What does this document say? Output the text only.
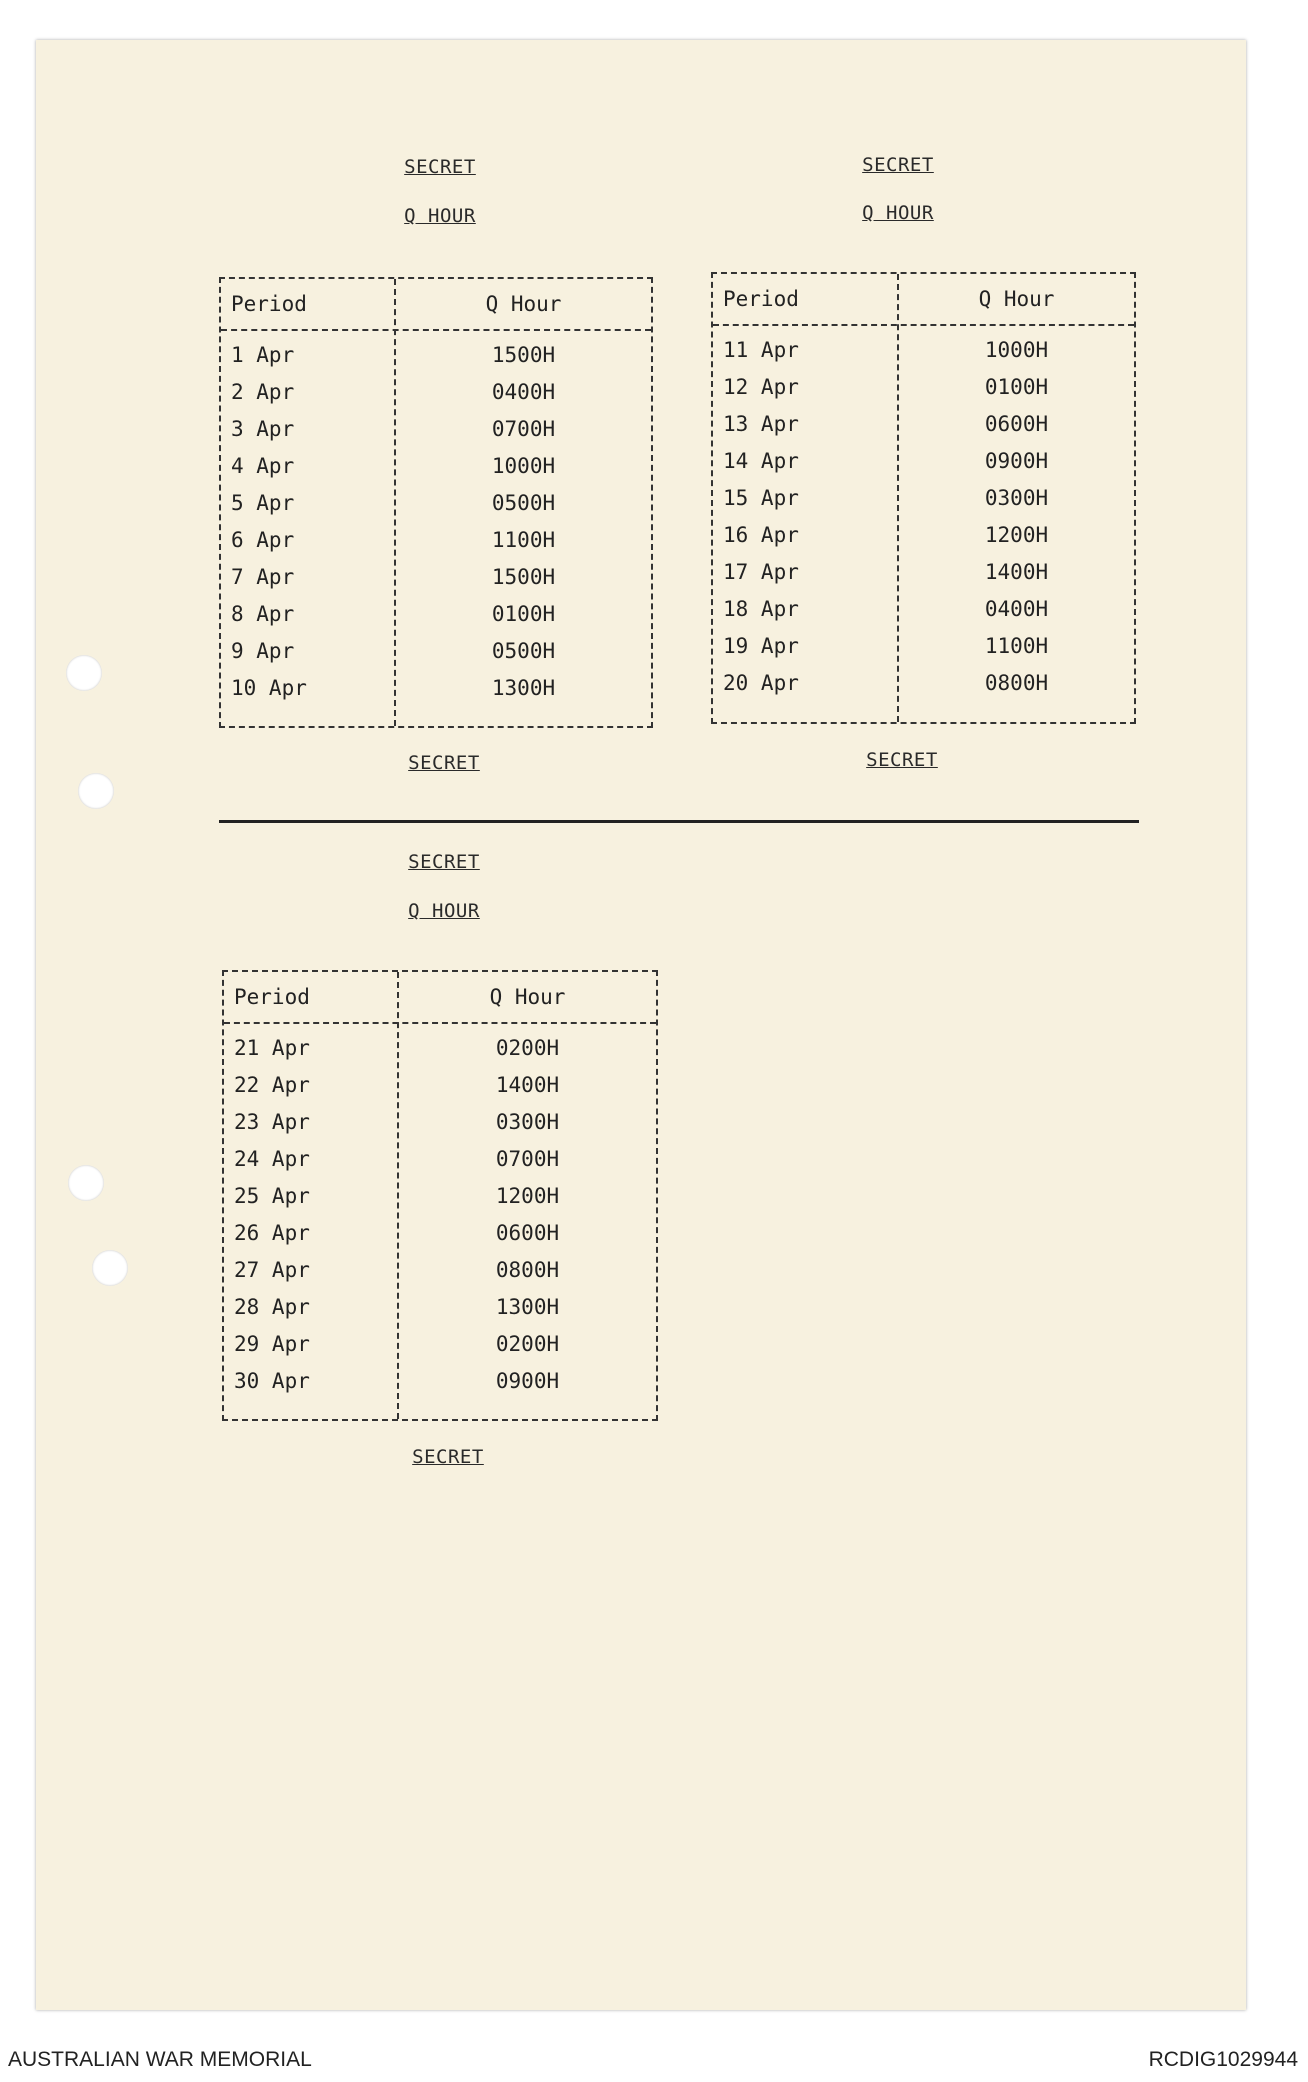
SECRET
Q HOUR
SECRET
Q HOUR
Period	Q Hour
1 Apr	1500H
2 Apr	0400H
3 Apr	0700H
4 Apr	1000H
5 Apr	0500H
6 Apr	1100H
7 Apr	1500H
8 Apr	0100H
9 Apr	0500H
10 Apr	1300H
Period	Q Hour
11 Apr	1000H
12 Apr	0100H
13 Apr	0600H
14 Apr	0900H
15 Apr	0300H
16 Apr	1200H
17 Apr	1400H
18 Apr	0400H
19 Apr	1100H
20 Apr	0800H
SECRET	SECRET
SECRET
Q HOUR
Period	Q Hour
21 Apr	0200H
22 Apr	1400H
23 Apr	0300H
24 Apr	0700H
25 Apr	1200H
26 Apr	0600H
27 Apr	0800H
28 Apr	1300H
29 Apr	0200H
30 Apr	0900H
SECRET
AUSTRALIAN WAR MEMORIAL	RCDIG1029944
